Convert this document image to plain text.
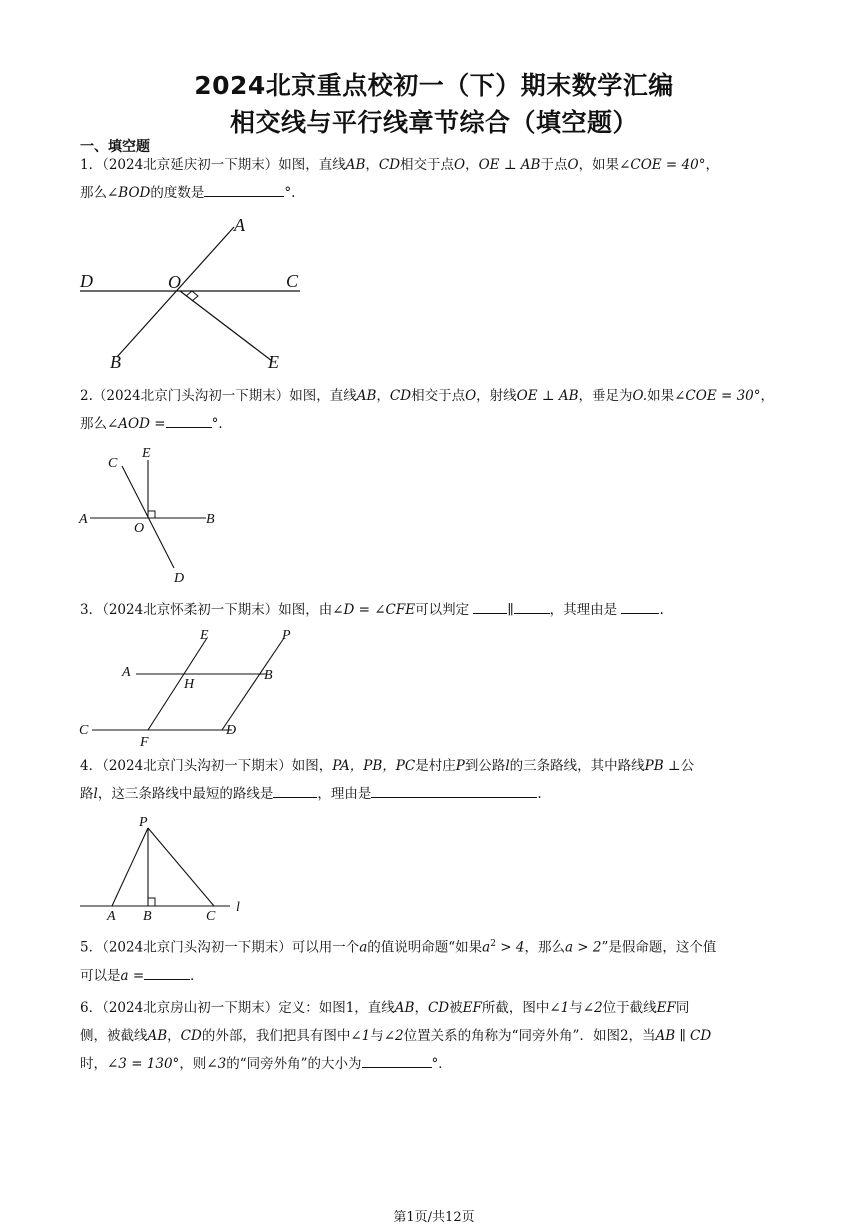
2024北京重点校初一（下）期末数学汇编
相交线与平行线章节综合（填空题）
一、填空题
1．（2024北京延庆初一下期末）如图，直线AB，CD相交于点O，OE ⊥ AB于点O，如果∠COE = 40°，
那么∠BOD的度数是	°.
A
D	O	C
B	E
2.（2024北京门头沟初一下期末）如图，直线AB，CD相交于点O，射线OE ⊥ AB，垂足为O.如果∠COE = 30°，
那么∠AOD =	°．
C
E
A	B
O
D
3．（2024北京怀柔初一下期末）如图，由∠D = ∠CFE可以判定	∥	，其理由是	.
E	P
A
H
B
C	D
F
4．（2024北京门头沟初一下期末）如图，PA，PB，PC是村庄P到公路l的三条路线，其中路线PB ⊥公
路l，这三条路线中最短的路线是	，理由是	.
P
A B	C
l
5．（2024北京门头沟初一下期末）可以用一个a的值说明命题“如果$a^2 > 4$，那么a > 2”是假命题，这个值
可以是a =	．
6．（2024北京房山初一下期末）定义：如图1，直线AB，CD被EF所截，图中∠1与∠2位于截线EF同
侧，被截线AB，CD的外部，我们把具有图中∠1与∠2位置关系的角称为“同旁外角”．如图2，当AB ∥ CD
时，∠3 = 130°，则∠3的“同旁外角”的大小为	°．
第1页/共12页
